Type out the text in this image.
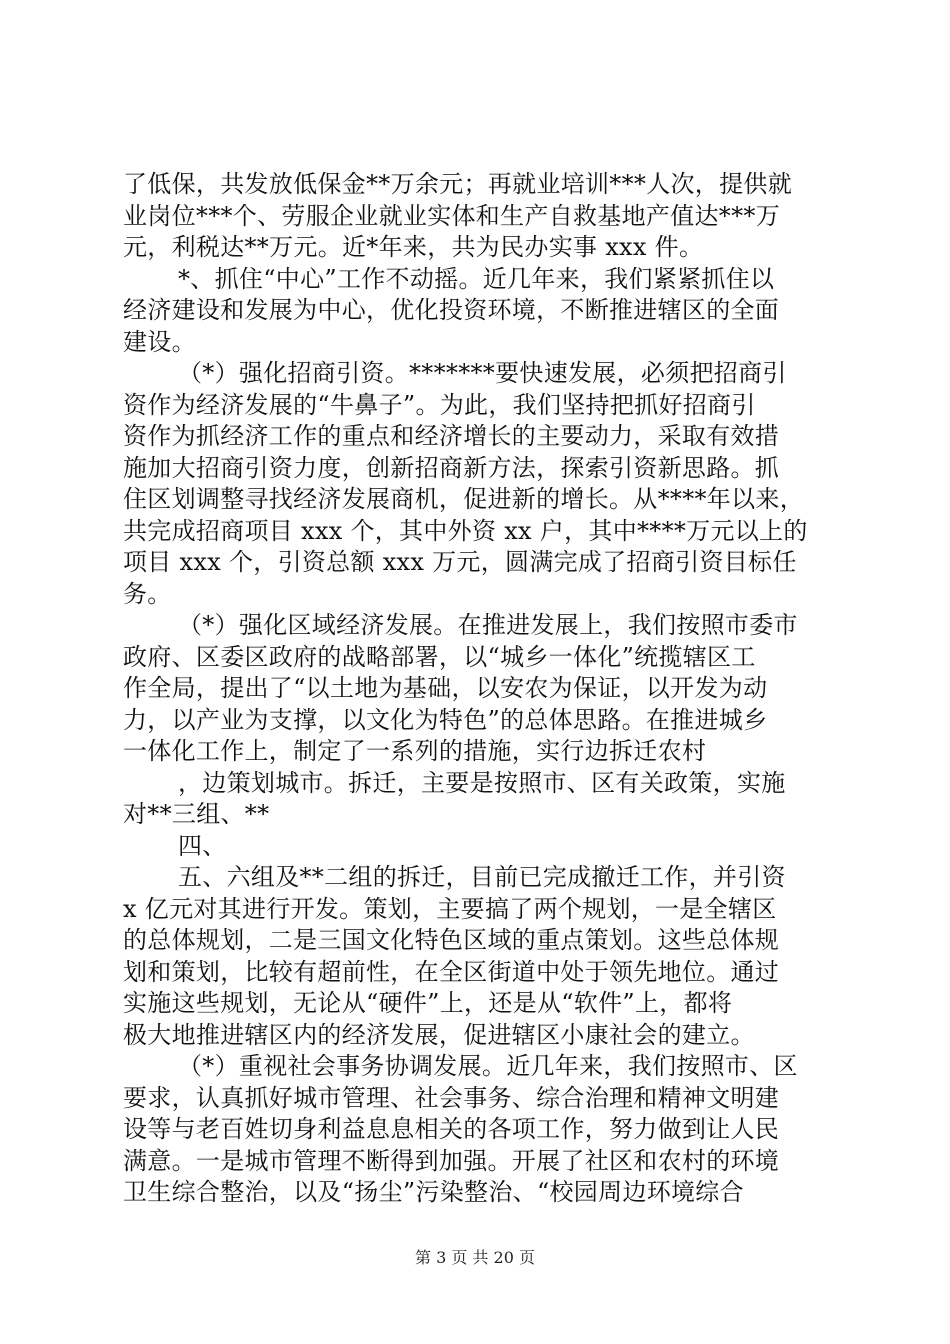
了低保，共发放低保金**万余元；再就业培训***人次，提供就
业岗位***个、劳服企业就业实体和生产自救基地产值达***万
元，利税达**万元。近*年来，共为民办实事 xxx 件。
*、抓住“中心”工作不动摇。近几年来，我们紧紧抓住以
经济建设和发展为中心，优化投资环境，不断推进辖区的全面
建设。
（*）强化招商引资。*******要快速发展，必须把招商引
资作为经济发展的“牛鼻子”。为此，我们坚持把抓好招商引
资作为抓经济工作的重点和经济增长的主要动力，采取有效措
施加大招商引资力度，创新招商新方法，探索引资新思路。抓
住区划调整寻找经济发展商机，促进新的增长。从****年以来，
共完成招商项目 xxx 个，其中外资 xx 户，其中****万元以上的
项目 xxx 个，引资总额 xxx 万元，圆满完成了招商引资目标任
务。
（*）强化区域经济发展。在推进发展上，我们按照市委市
政府、区委区政府的战略部署，以“城乡一体化”统揽辖区工
作全局，提出了“以土地为基础，以安农为保证，以开发为动
力，以产业为支撑，以文化为特色”的总体思路。在推进城乡
一体化工作上，制定了一系列的措施，实行边拆迁农村
，边策划城市。拆迁，主要是按照市、区有关政策，实施
对**三组、**
四、
五、六组及**二组的拆迁，目前已完成撤迁工作，并引资
x 亿元对其进行开发。策划，主要搞了两个规划，一是全辖区
的总体规划，二是三国文化特色区域的重点策划。这些总体规
划和策划，比较有超前性，在全区街道中处于领先地位。通过
实施这些规划，无论从“硬件”上，还是从“软件”上，都将
极大地推进辖区内的经济发展，促进辖区小康社会的建立。
（*）重视社会事务协调发展。近几年来，我们按照市、区
要求，认真抓好城市管理、社会事务、综合治理和精神文明建
设等与老百姓切身利益息息相关的各项工作，努力做到让人民
满意。一是城市管理不断得到加强。开展了社区和农村的环境
卫生综合整治，以及“扬尘”污染整治、“校园周边环境综合
第 3 页 共 20 页
